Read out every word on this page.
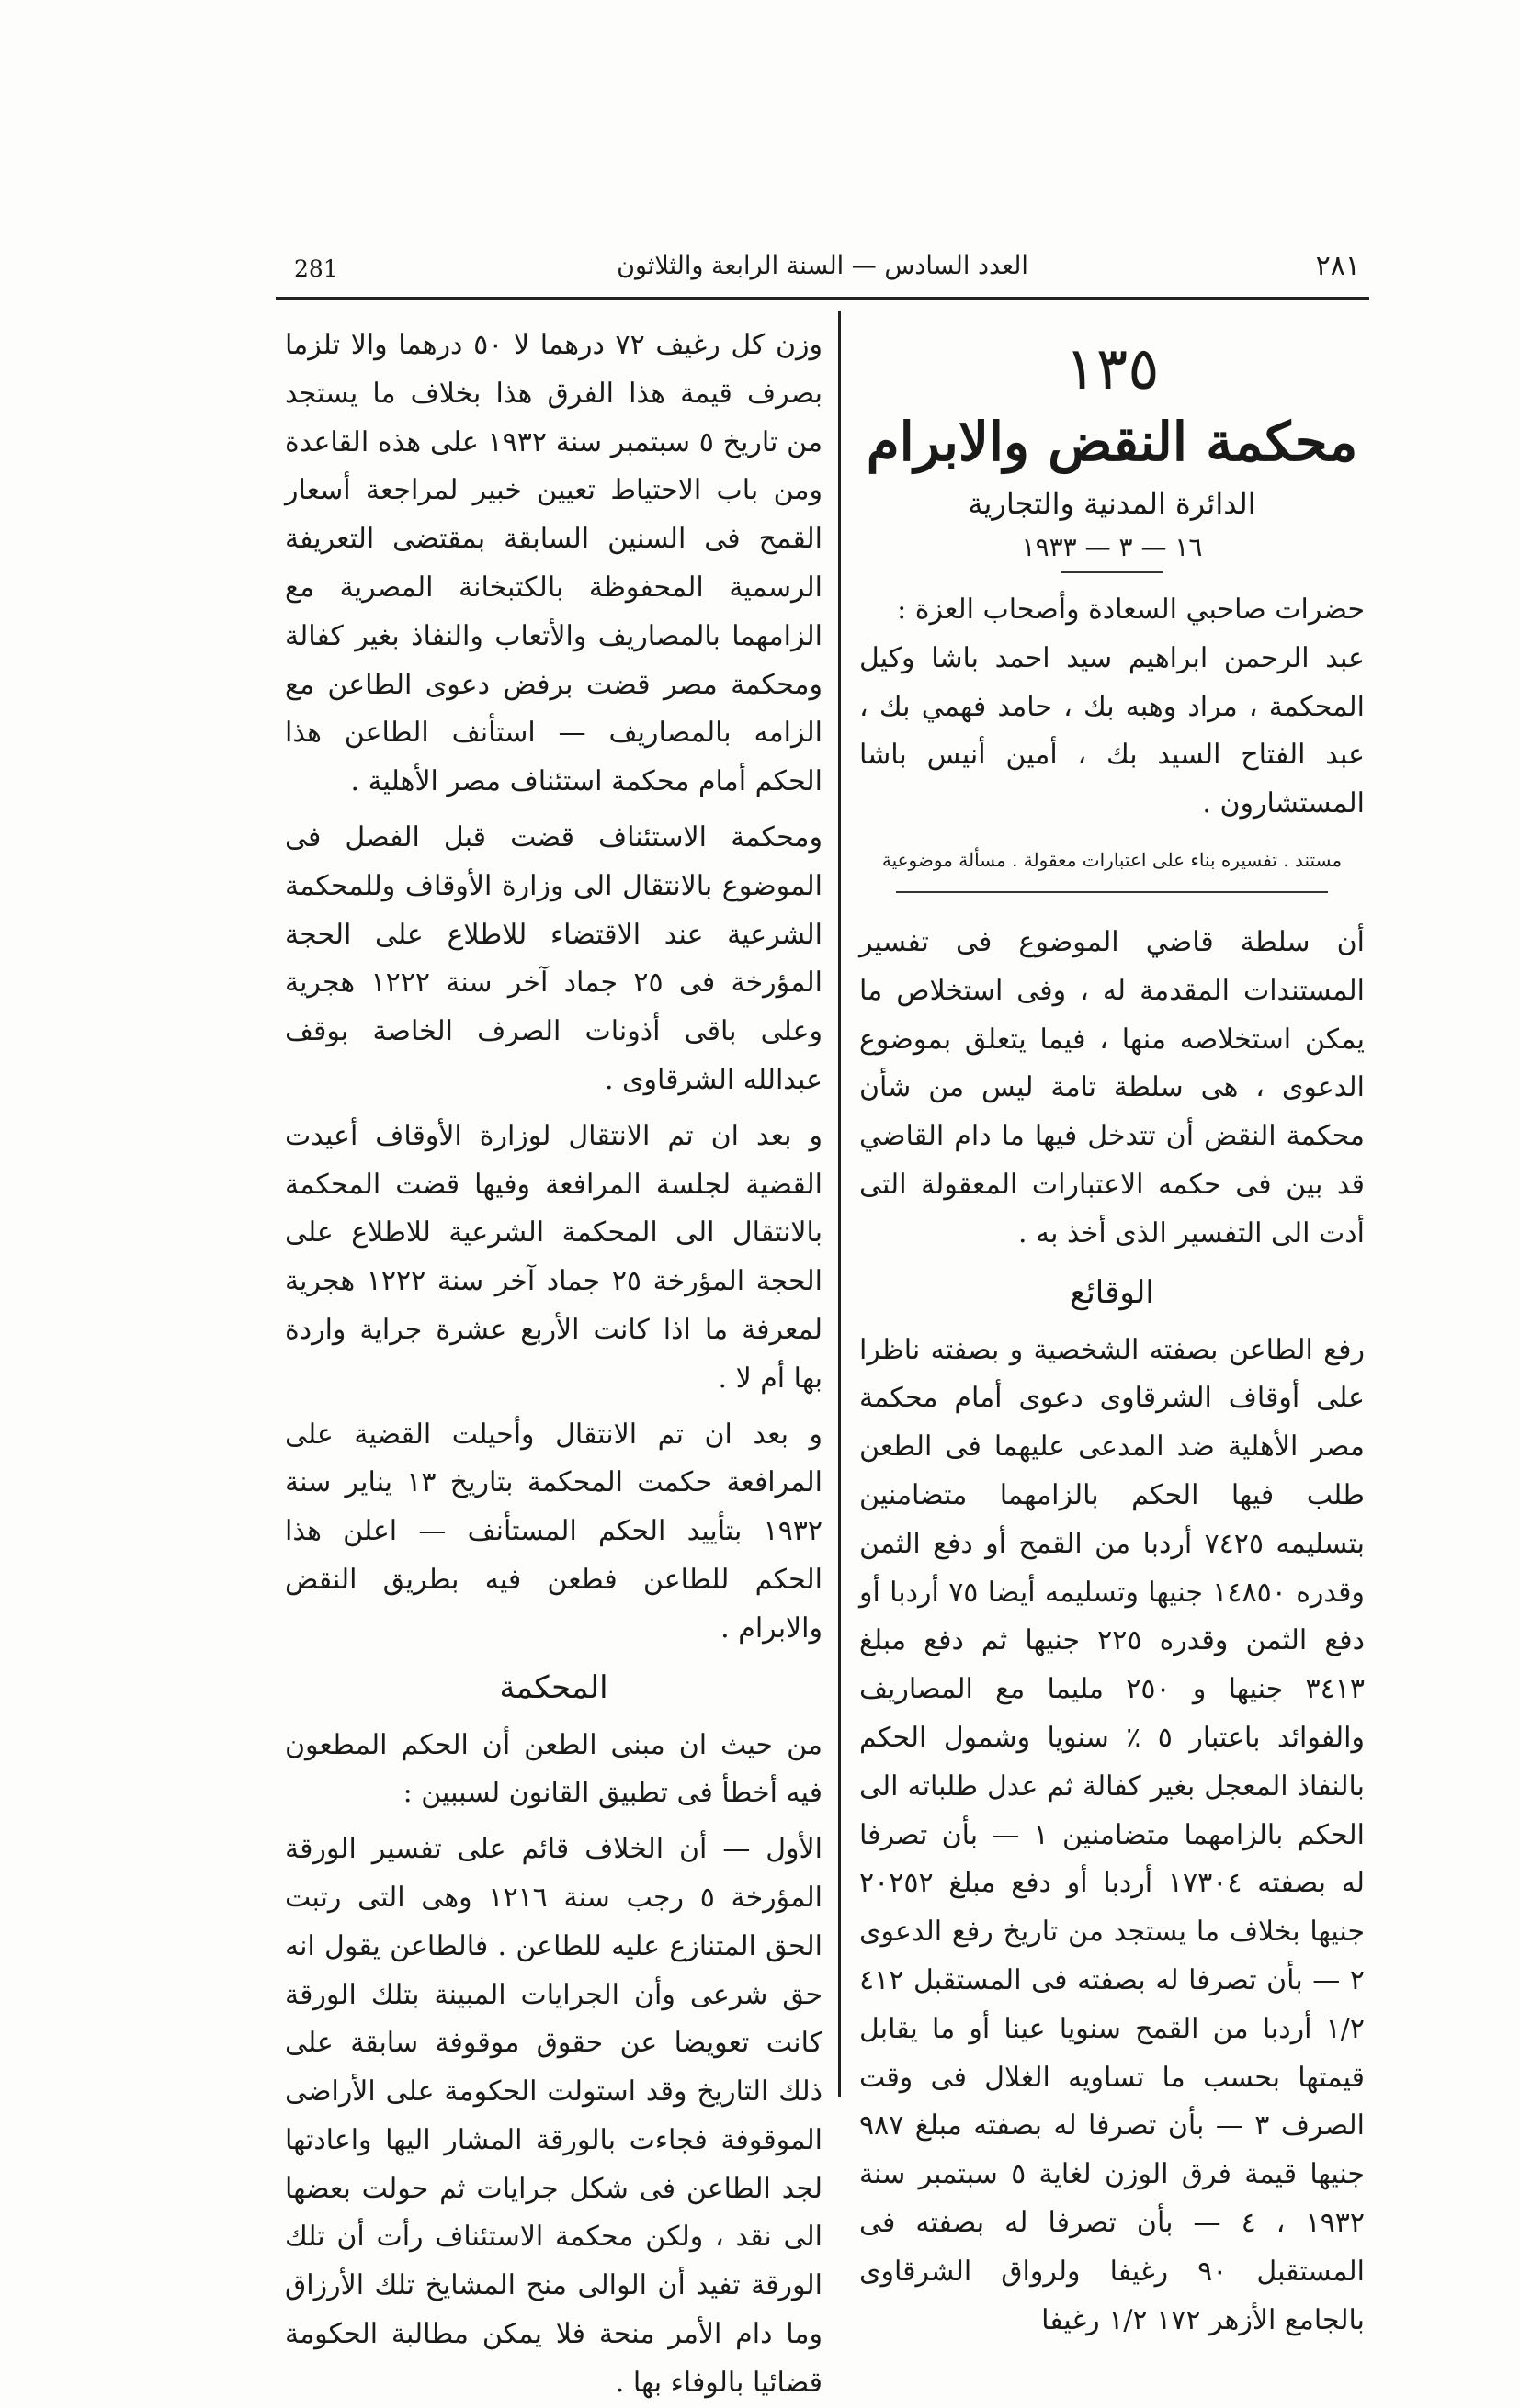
281	العدد السادس — السنة الرابعة والثلاثون	٢٨١
١٣٥
محكمة النقض والابرام
الدائرة المدنية والتجارية
١٦ — ٣ — ١٩٣٣

حضرات صاحبي السعادة وأصحاب العزة :

عبد الرحمن ابراهيم سيد احمد باشا وكيل المحكمة ، مراد وهبه بك ، حامد فهمي بك ، عبد الفتاح السيد بك ، أمين أنيس باشا المستشارون .

مستند . تفسيره بناء على اعتبارات معقولة . مسألة موضوعية

أن سلطة قاضي الموضوع فى تفسير المستندات المقدمة له ، وفى استخلاص ما يمكن استخلاصه منها ، فيما يتعلق بموضوع الدعوى ، هى سلطة تامة ليس من شأن محكمة النقض أن تتدخل فيها ما دام القاضي قد بين فى حكمه الاعتبارات المعقولة التى أدت الى التفسير الذى أخذ به .

الوقائع

رفع الطاعن بصفته الشخصية و بصفته ناظرا على أوقاف الشرقاوى دعوى أمام محكمة مصر الأهلية ضد المدعى عليهما فى الطعن طلب فيها الحكم بالزامهما متضامنين بتسليمه ٧٤٢٥ أردبا من القمح أو دفع الثمن وقدره ١٤٨٥٠ جنيها وتسليمه أيضا ٧٥ أردبا أو دفع الثمن وقدره ٢٢٥ جنيها ثم دفع مبلغ ٣٤١٣ جنيها و ٢٥٠ مليما مع المصاريف والفوائد باعتبار ٥ ٪ سنويا وشمول الحكم بالنفاذ المعجل بغير كفالة ثم عدل طلباته الى الحكم بالزامهما متضامنين ١ — بأن تصرفا له بصفته ١٧٣٠٤ أردبا أو دفع مبلغ ٢٠٢٥٢ جنيها بخلاف ما يستجد من تاريخ رفع الدعوى ٢ — بأن تصرفا له بصفته فى المستقبل ٤١٢ ١/٢ أردبا من القمح سنويا عينا أو ما يقابل قيمتها بحسب ما تساويه الغلال فى وقت الصرف ٣ — بأن تصرفا له بصفته مبلغ ٩٨٧ جنيها قيمة فرق الوزن لغاية ٥ سبتمبر سنة ١٩٣٢ ، ٤ — بأن تصرفا له بصفته فى المستقبل ٩٠ رغيفا ولرواق الشرقاوى بالجامع الأزهر ١٧٢ ١/٢ رغيفا

وزن كل رغيف ٧٢ درهما لا ٥٠ درهما والا تلزما بصرف قيمة هذا الفرق هذا بخلاف ما يستجد من تاريخ ٥ سبتمبر سنة ١٩٣٢ على هذه القاعدة ومن باب الاحتياط تعيين خبير لمراجعة أسعار القمح فى السنين السابقة بمقتضى التعريفة الرسمية المحفوظة بالكتبخانة المصرية مع الزامهما بالمصاريف والأتعاب والنفاذ بغير كفالة ومحكمة مصر قضت برفض دعوى الطاعن مع الزامه بالمصاريف — استأنف الطاعن هذا الحكم أمام محكمة استئناف مصر الأهلية .

ومحكمة الاستئناف قضت قبل الفصل فى الموضوع بالانتقال الى وزارة الأوقاف وللمحكمة الشرعية عند الاقتضاء للاطلاع على الحجة المؤرخة فى ٢٥ جماد آخر سنة ١٢٢٢ هجرية وعلى باقى أذونات الصرف الخاصة بوقف عبدالله الشرقاوى .

و بعد ان تم الانتقال لوزارة الأوقاف أعيدت القضية لجلسة المرافعة وفيها قضت المحكمة بالانتقال الى المحكمة الشرعية للاطلاع على الحجة المؤرخة ٢٥ جماد آخر سنة ١٢٢٢ هجرية لمعرفة ما اذا كانت الأربع عشرة جراية واردة بها أم لا .

و بعد ان تم الانتقال وأحيلت القضية على المرافعة حكمت المحكمة بتاريخ ١٣ يناير سنة ١٩٣٢ بتأييد الحكم المستأنف — اعلن هذا الحكم للطاعن فطعن فيه بطريق النقض والابرام .

المحكمة

من حيث ان مبنى الطعن أن الحكم المطعون فيه أخطأ فى تطبيق القانون لسببين :

الأول — أن الخلاف قائم على تفسير الورقة المؤرخة ٥ رجب سنة ١٢١٦ وهى التى رتبت الحق المتنازع عليه للطاعن . فالطاعن يقول انه حق شرعى وأن الجرايات المبينة بتلك الورقة كانت تعويضا عن حقوق موقوفة سابقة على ذلك التاريخ وقد استولت الحكومة على الأراضى الموقوفة فجاءت بالورقة المشار اليها واعادتها لجد الطاعن فى شكل جرايات ثم حولت بعضها الى نقد ، ولكن محكمة الاستئناف رأت أن تلك الورقة تفيد أن الوالى منح المشايخ تلك الأرزاق وما دام الأمر منحة فلا يمكن مطالبة الحكومة قضائيا بالوفاء بها .
